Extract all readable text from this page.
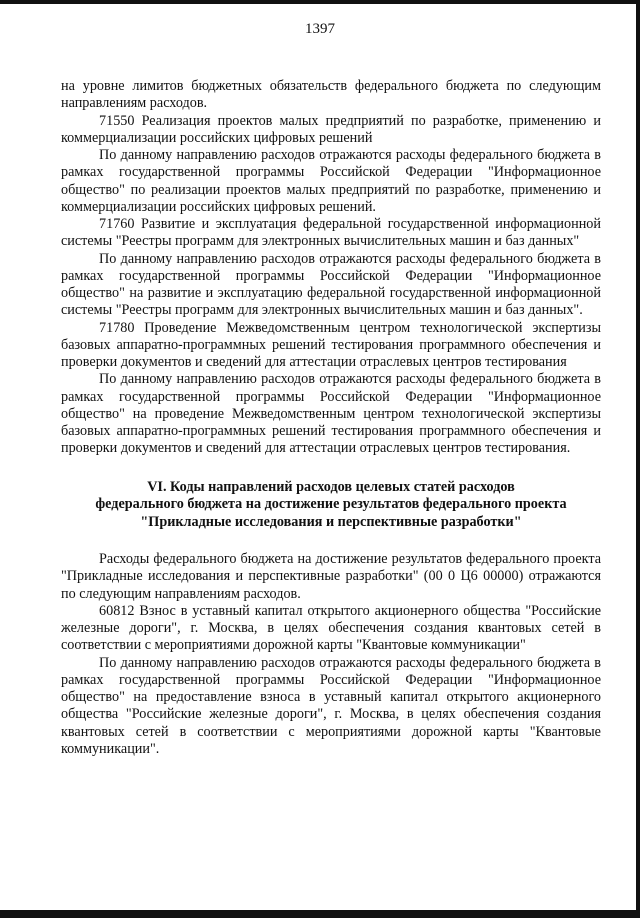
1397

на уровне лимитов бюджетных обязательств федерального бюджета по следующим направлениям расходов.

71550 Реализация проектов малых предприятий по разработке, применению и коммерциализации российских цифровых решений

По данному направлению расходов отражаются расходы федерального бюджета в рамках государственной программы Российской Федерации "Информационное общество" по реализации проектов малых предприятий по разработке, применению и коммерциализации российских цифровых решений.

71760 Развитие и эксплуатация федеральной государственной информационной системы "Реестры программ для электронных вычислительных машин и баз данных"

По данному направлению расходов отражаются расходы федерального бюджета в рамках государственной программы Российской Федерации "Информационное общество" на развитие и эксплуатацию федеральной государственной информационной системы "Реестры программ для электронных вычислительных машин и баз данных".

71780 Проведение Межведомственным центром технологической экспертизы базовых аппаратно-программных решений тестирования программного обеспечения и проверки документов и сведений для аттестации отраслевых центров тестирования

По данному направлению расходов отражаются расходы федерального бюджета в рамках государственной программы Российской Федерации "Информационное общество" на проведение Межведомственным центром технологической экспертизы базовых аппаратно-программных решений тестирования программного обеспечения и проверки документов и сведений для аттестации отраслевых центров тестирования.

VI. Коды направлений расходов целевых статей расходов
федерального бюджета на достижение результатов федерального проекта
"Прикладные исследования и перспективные разработки"

Расходы федерального бюджета на достижение результатов федерального проекта "Прикладные исследования и перспективные разработки" (00 0 Ц6 00000) отражаются по следующим направлениям расходов.

60812 Взнос в уставный капитал открытого акционерного общества "Российские железные дороги", г. Москва, в целях обеспечения создания квантовых сетей в соответствии с мероприятиями дорожной карты "Квантовые коммуникации"

По данному направлению расходов отражаются расходы федерального бюджета в рамках государственной программы Российской Федерации "Информационное общество" на предоставление взноса в уставный капитал открытого акционерного общества "Российские железные дороги", г. Москва, в целях обеспечения создания квантовых сетей в соответствии с мероприятиями дорожной карты "Квантовые коммуникации".
